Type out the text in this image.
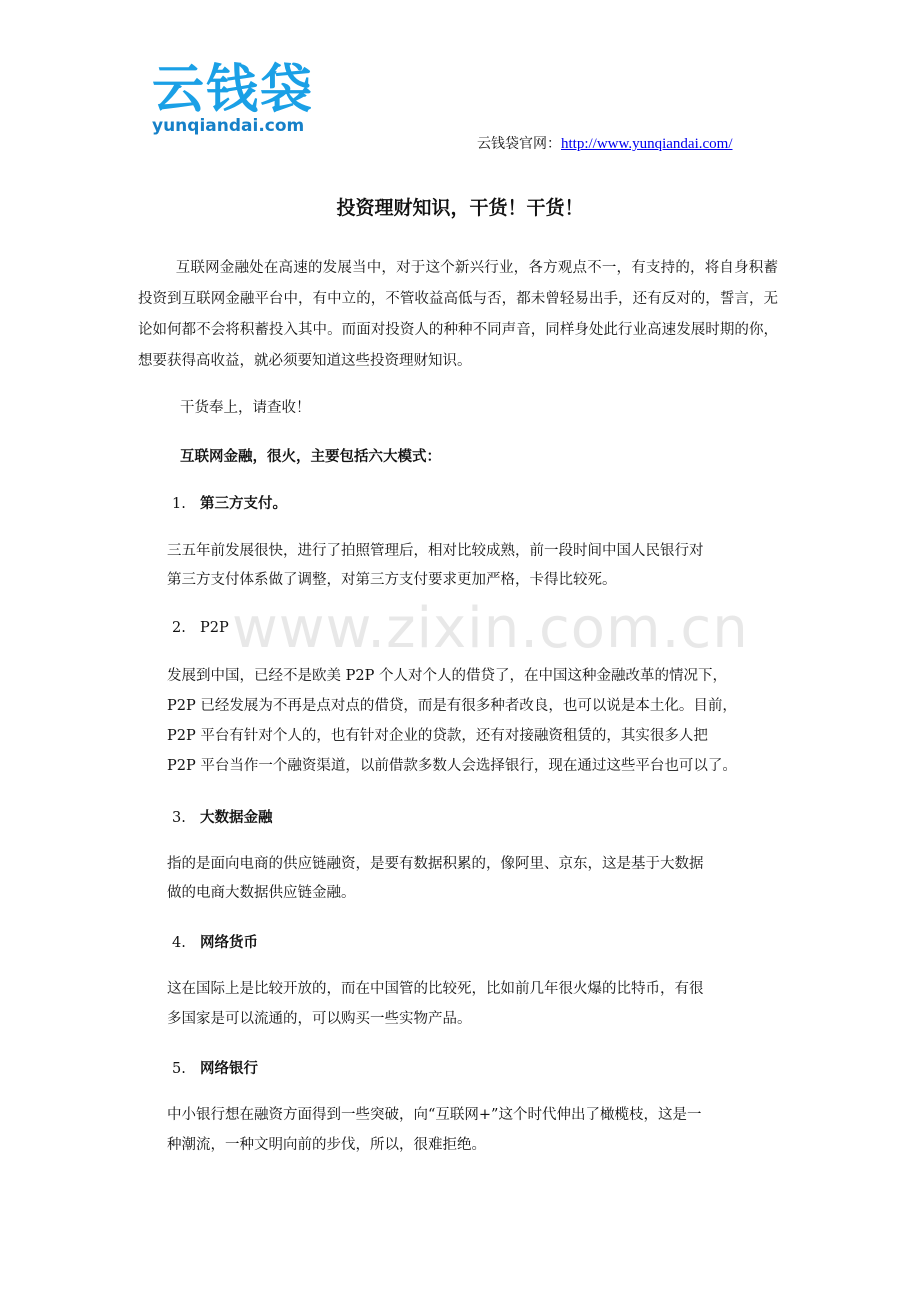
云钱袋
yunqiandai.com
云钱袋官网：http://www.yunqiandai.com/
投资理财知识，干货！干货！

互联网金融处在高速的发展当中，对于这个新兴行业，各方观点不一，有支持的，将自身积蓄投资到互联网金融平台中，有中立的，不管收益高低与否，都未曾轻易出手，还有反对的，誓言，无论如何都不会将积蓄投入其中。而面对投资人的种种不同声音，同样身处此行业高速发展时期的你，想要获得高收益，就必须要知道这些投资理财知识。

干货奉上，请查收！

互联网金融，很火，主要包括六大模式：

1. 第三方支付。

三五年前发展很快，进行了拍照管理后，相对比较成熟，前一段时间中国人民银行对

第三方支付体系做了调整，对第三方支付要求更加严格，卡得比较死。

2. P2P

发展到中国，已经不是欧美 P2P 个人对个人的借贷了，在中国这种金融改革的情况下，

P2P 已经发展为不再是点对点的借贷，而是有很多种者改良，也可以说是本土化。目前，

P2P 平台有针对个人的，也有针对企业的贷款，还有对接融资租赁的，其实很多人把

P2P 平台当作一个融资渠道，以前借款多数人会选择银行，现在通过这些平台也可以了。

3. 大数据金融

指的是面向电商的供应链融资，是要有数据积累的，像阿里、京东，这是基于大数据

做的电商大数据供应链金融。

4. 网络货币

这在国际上是比较开放的，而在中国管的比较死，比如前几年很火爆的比特币，有很

多国家是可以流通的，可以购买一些实物产品。

5. 网络银行

中小银行想在融资方面得到一些突破，向“互联网+”这个时代伸出了橄榄枝，这是一

种潮流，一种文明向前的步伐，所以，很难拒绝。

www.zixin.com.cn
